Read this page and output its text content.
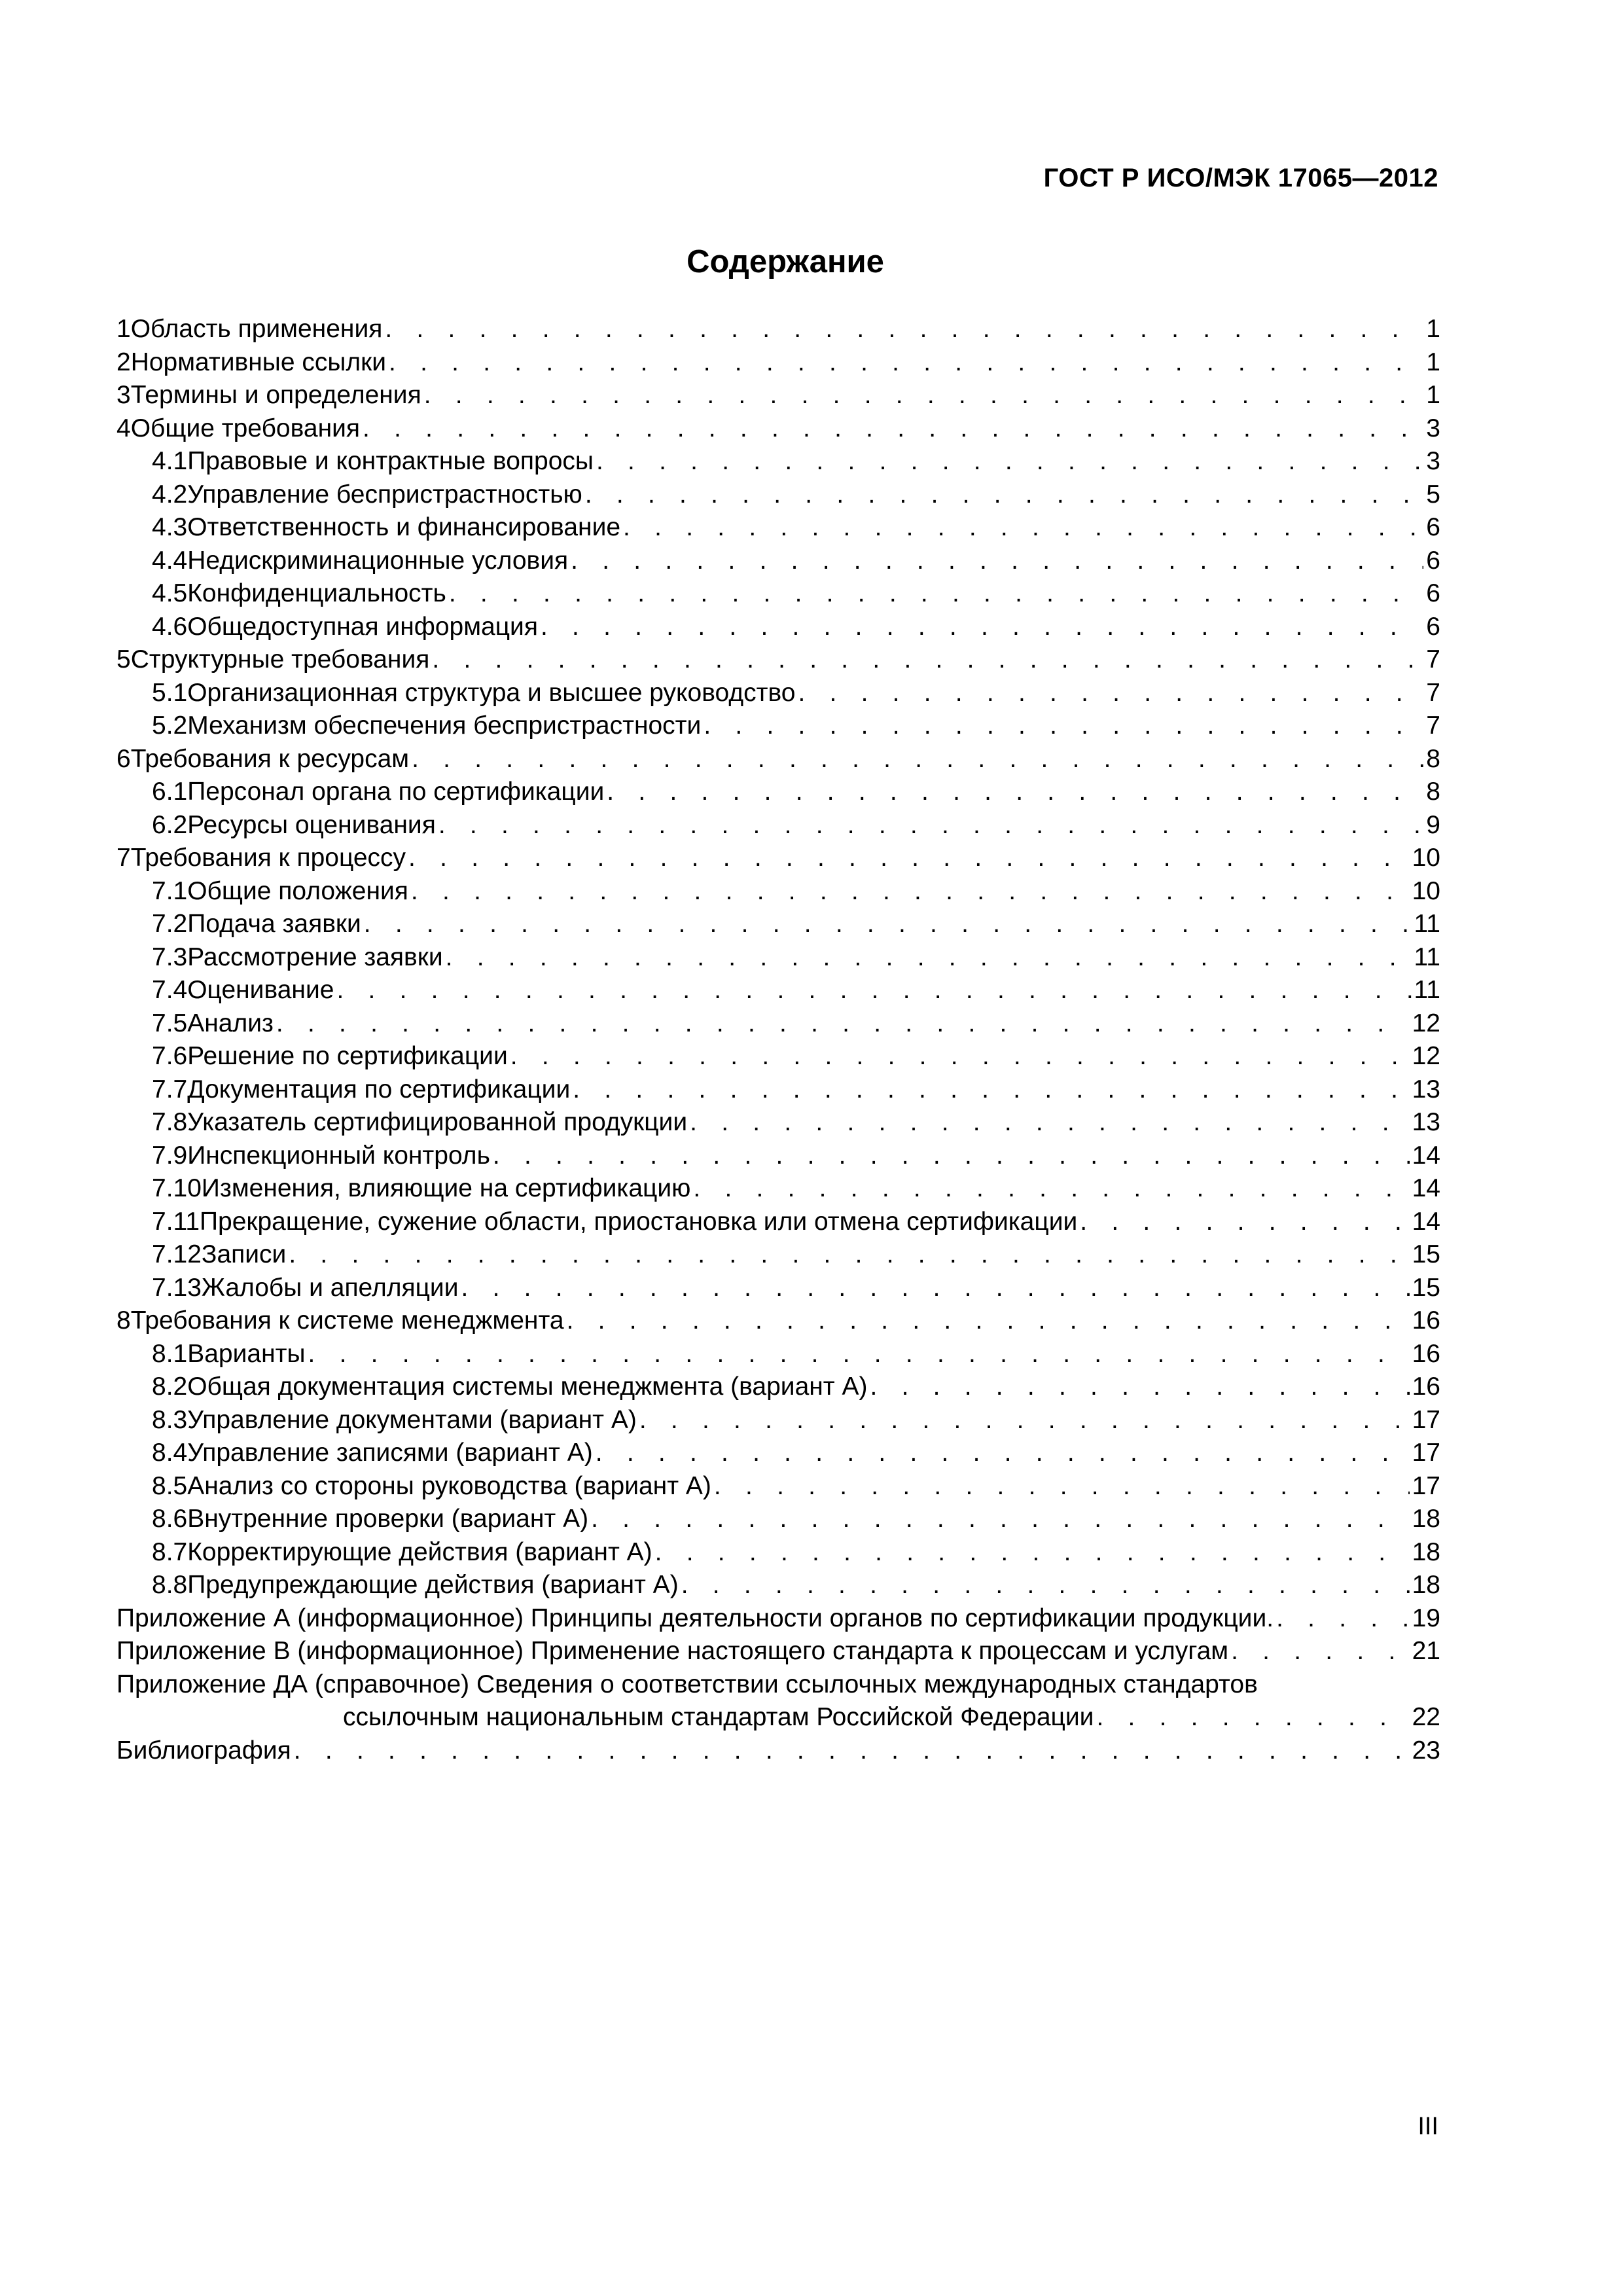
ГОСТ Р ИСО/МЭК 17065—2012
Содержание
1 Область применения . . .	1
2 Нормативные ссылки . . .	1
3 Термины и определения . . .	1
4 Общие требования . . .	3
4.1 Правовые и контрактные вопросы . . .	3
4.2 Управление беспристрастностью . . .	5
4.3 Ответственность и финансирование . . .	6
4.4 Недискриминационные условия . . .	6
4.5 Конфиденциальность . . .	6
4.6 Общедоступная информация . . .	6
5 Структурные требования . . .	7
5.1 Организационная структура и высшее руководство . . .	7
5.2 Механизм обеспечения беспристрастности . . .	7
6 Требования к ресурсам . . .	8
6.1 Персонал органа по сертификации . . .	8
6.2 Ресурсы оценивания . . .	9
7 Требования к процессу . . .	10
7.1 Общие положения . . .	10
7.2 Подача заявки . . .	11
7.3 Рассмотрение заявки . . .	11
7.4 Оценивание . . .	11
7.5 Анализ . . .	12
7.6 Решение по сертификации . . .	12
7.7 Документация по сертификации . . .	13
7.8 Указатель сертифицированной продукции . . .	13
7.9 Инспекционный контроль . . .	14
7.10 Изменения, влияющие на сертификацию . . .	14
7.11 Прекращение, сужение области, приостановка или отмена сертификации . . .	14
7.12 Записи . . .	15
7.13 Жалобы и апелляции . . .	15
8 Требования к системе менеджмента . . .	16
8.1 Варианты . . .	16
8.2 Общая документация системы менеджмента (вариант А) . . .	16
8.3 Управление документами (вариант А) . . .	17
8.4 Управление записями (вариант А) . . .	17
8.5 Анализ со стороны руководства (вариант А) . . .	17
8.6 Внутренние проверки (вариант А) . . .	18
8.7 Корректирующие действия (вариант А) . . .	18
8.8 Предупреждающие действия (вариант А) . . .	18
Приложение А (информационное) Принципы деятельности органов по сертификации продукции. . . .	19
Приложение В (информационное) Применение настоящего стандарта к процессам и услугам . . .	21
Приложение ДА (справочное) Сведения о соответствии ссылочных международных стандартов
ссылочным национальным стандартам Российской Федерации . . .	22
Библиография . . .	23
III
